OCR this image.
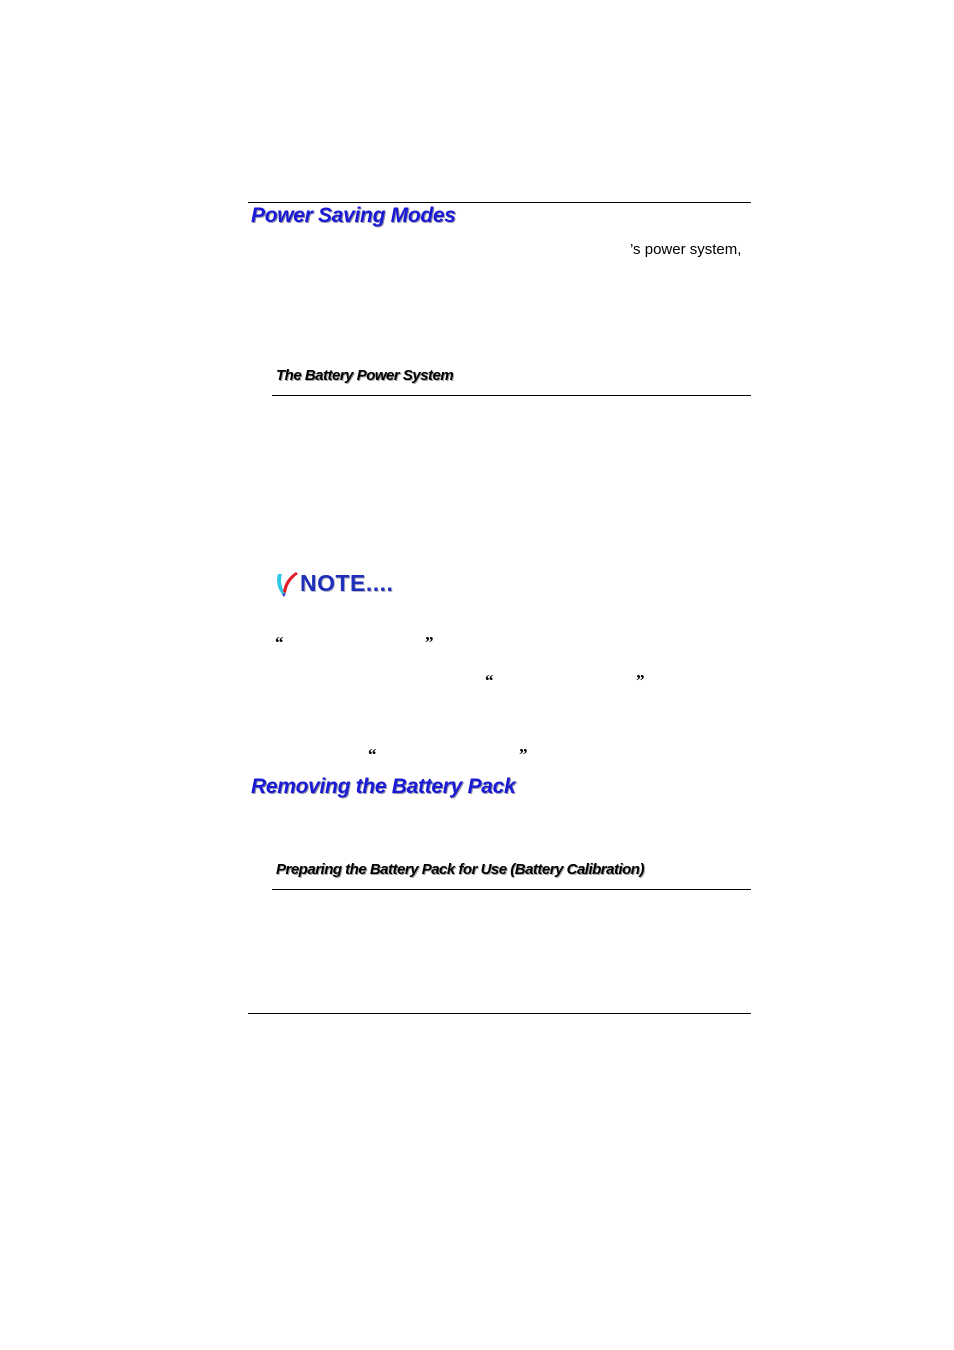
Power Saving Modes
’s power system,
The Battery Power System
NOTE....
“	”
“	”
“	”
Removing the Battery Pack
Preparing the Battery Pack for Use (Battery Calibration)
